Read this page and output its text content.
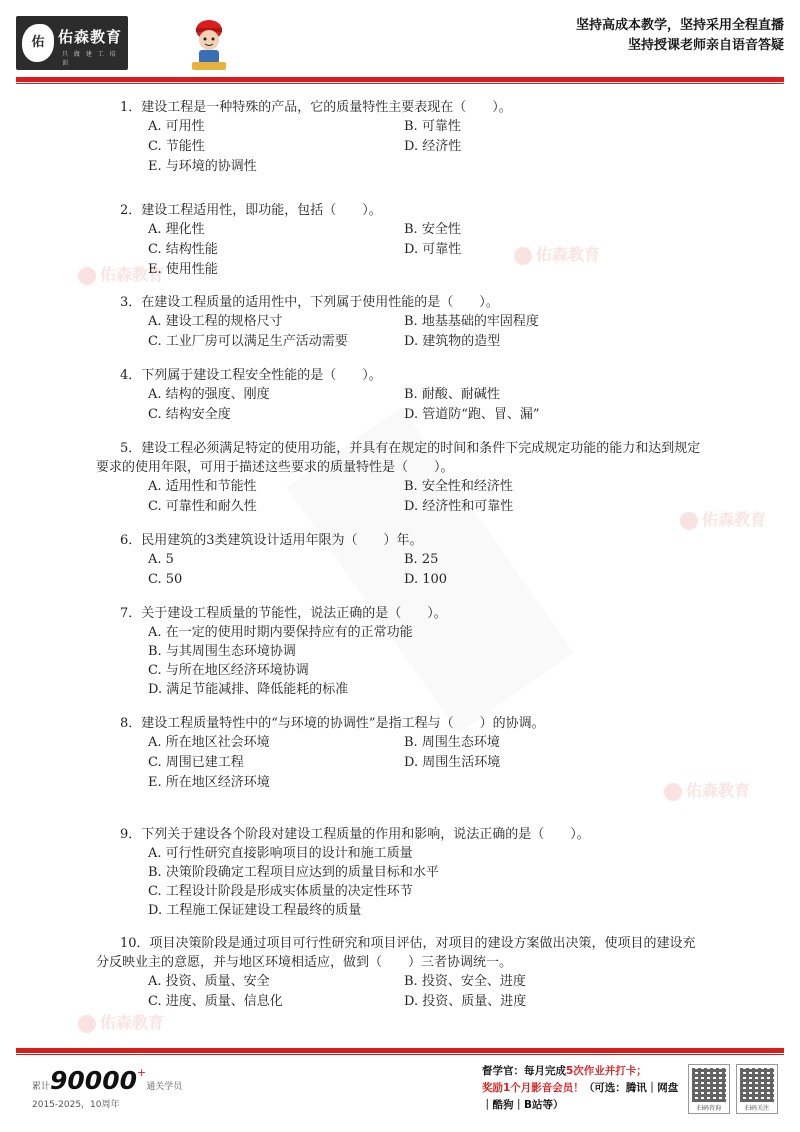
佑 佑森教育
只 做 建 工 培 训
坚持高成本教学，坚持采用全程直播
坚持授课老师亲自语音答疑
佑森教育
佑森教育
佑森教育
佑森教育
佑森教育
1．建设工程是一种特殊的产品，它的质量特性主要表现在（　　）。
A. 可用性	B. 可靠性
C. 节能性	D. 经济性
E. 与环境的协调性
2．建设工程适用性，即功能，包括（　　）。
A. 理化性	B. 安全性
C. 结构性能	D. 可靠性
E. 使用性能
3．在建设工程质量的适用性中，下列属于使用性能的是（　　）。
A. 建设工程的规格尺寸	B. 地基基础的牢固程度
C. 工业厂房可以满足生产活动需要	D. 建筑物的造型
4．下列属于建设工程安全性能的是（　　）。
A. 结构的强度、刚度	B. 耐酸、耐碱性
C. 结构安全度	D. 管道防“跑、冒、漏”
5．建设工程必须满足特定的使用功能，并具有在规定的时间和条件下完成规定功能的能力和达到规定要求的使用年限，可用于描述这些要求的质量特性是（　　）。
A. 适用性和节能性	B. 安全性和经济性
C. 可靠性和耐久性	D. 经济性和可靠性
6．民用建筑的3类建筑设计适用年限为（　　）年。
A. 5	B. 25
C. 50	D. 100
7．关于建设工程质量的节能性，说法正确的是（　　）。
A. 在一定的使用时期内要保持应有的正常功能
B. 与其周围生态环境协调
C. 与所在地区经济环境协调
D. 满足节能减排、降低能耗的标准
8．建设工程质量特性中的“与环境的协调性”是指工程与（　　）的协调。
A. 所在地区社会环境	B. 周围生态环境
C. 周围已建工程	D. 周围生活环境
E. 所在地区经济环境
9．下列关于建设各个阶段对建设工程质量的作用和影响，说法正确的是（　　）。
A. 可行性研究直接影响项目的设计和施工质量
B. 决策阶段确定工程项目应达到的质量目标和水平
C. 工程设计阶段是形成实体质量的决定性环节
D. 工程施工保证建设工程最终的质量
10．项目决策阶段是通过项目可行性研究和项目评估，对项目的建设方案做出决策，使项目的建设充分反映业主的意愿，并与地区环境相适应，做到（　　）三者协调统一。
A. 投资、质量、安全	B. 投资、安全、进度
C. 进度、质量、信息化	D. 投资、质量、进度
累计90000+通关学员
2015-2025，10周年
督学官：每月完成5次作业并打卡；
奖励1个月影音会员！（可选：腾讯｜网盘｜酷狗｜B站等）	扫码咨询	扫码关注
